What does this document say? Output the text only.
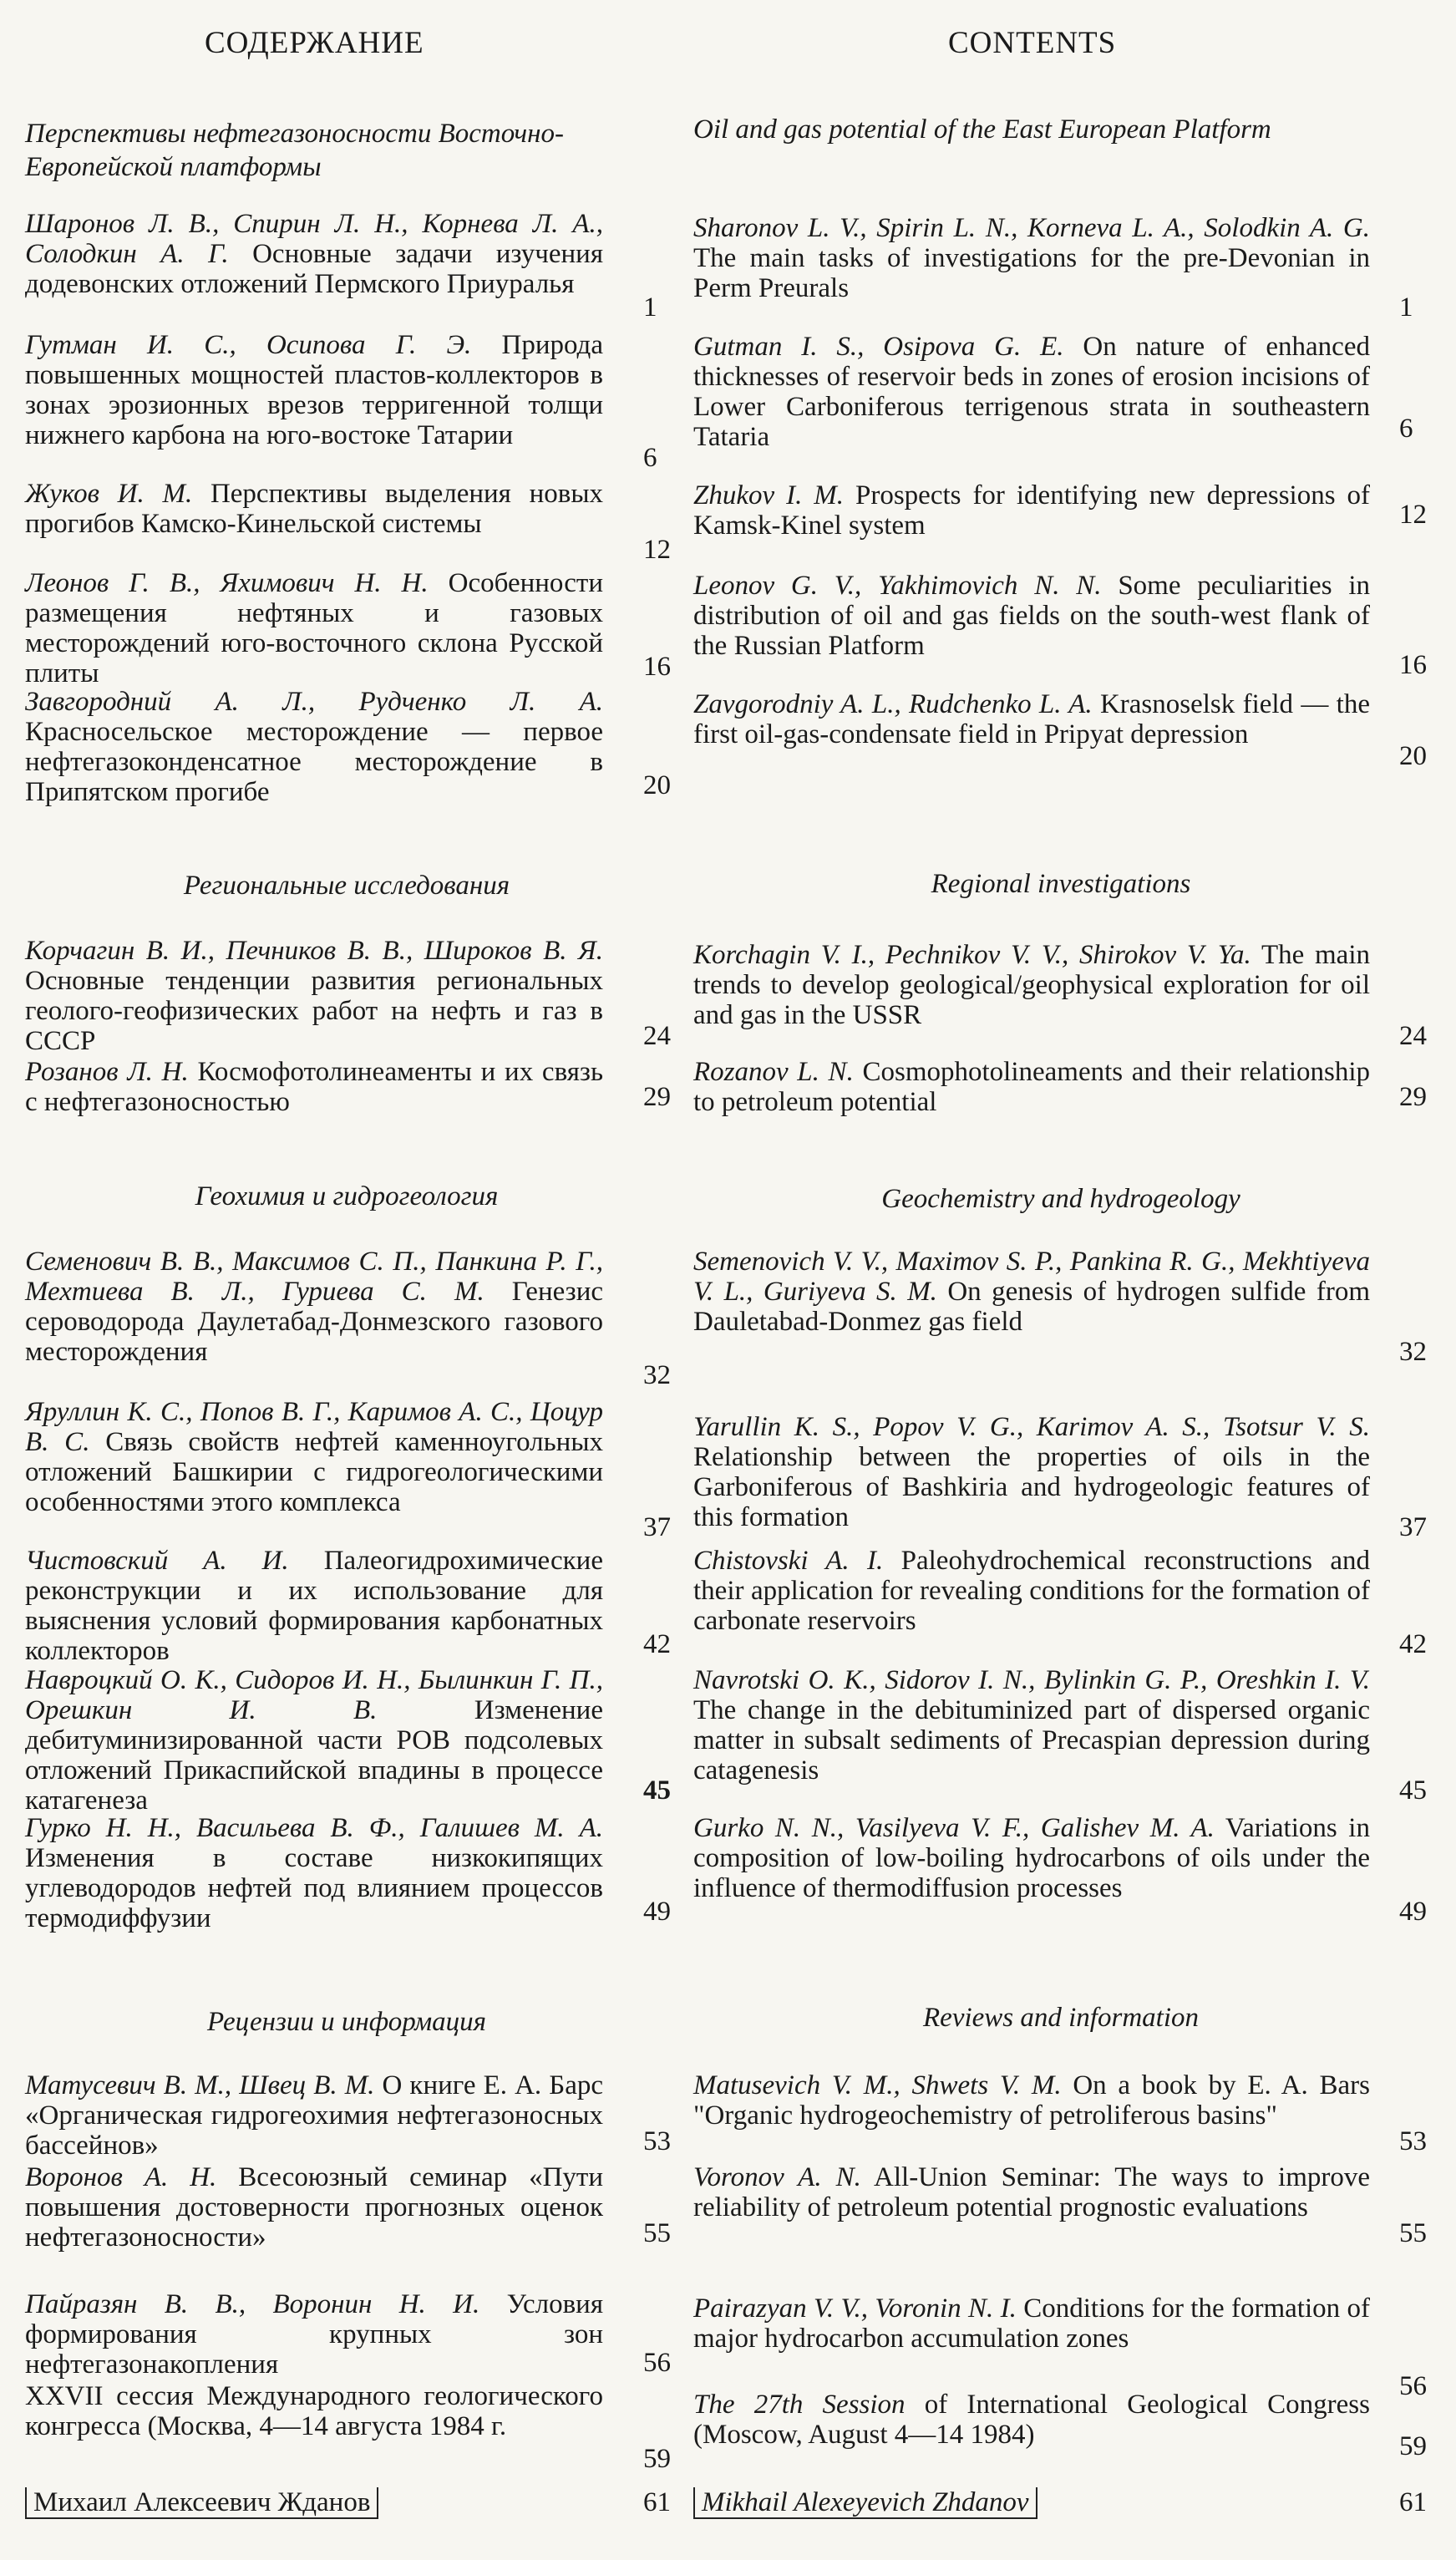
СОДЕРЖАНИЕ
Перспективы нефтегазоносности Восточно-Европейской платформы
Региональные исследования
Геохимия и гидрогеология
Рецензии и информация
Шаронов Л. В., Спирин Л. Н., Корнева Л. А., Солодкин А. Г. Основные задачи изучения додевонских отложений Пермского Приуралья
1
Гутман И. С., Осипова Г. Э. Природа повышенных мощностей пластов-коллекторов в зонах эрозионных врезов терригенной толщи нижнего карбона на юго-востоке Татарии
6
Жуков И. М. Перспективы выделения новых прогибов Камско-Кинельской системы
12
Леонов Г. В., Яхимович Н. Н. Особенности размещения нефтяных и газовых месторождений юго-восточного склона Русской плиты	16
Завгородний А. Л., Рудченко Л. А. Красносельское месторождение — первое нефтегазоконденсатное месторождение в Припятском прогибе	20
Корчагин В. И., Печников В. В., Широков В. Я. Основные тенденции развития региональных геолого-геофизических работ на нефть и газ в СССР	24
Розанов Л. Н. Космофотолинеаменты и их связь с нефтегазоносностью	29
Семенович В. В., Максимов С. П., Панкина Р. Г., Мехтиева В. Л., Гуриева С. М. Генезис сероводорода Даулетабад-Донмезского газового месторождения
32
Яруллин К. С., Попов В. Г., Каримов А. С., Цоцур В. С. Связь свойств нефтей каменноугольных отложений Башкирии с гидрогеологическими особенностями этого комплекса
37
Чистовский А. И. Палеогидрохимические реконструкции и их использование для выяснения условий формирования карбонатных коллекторов	42
Навроцкий О. К., Сидоров И. Н., Былинкин Г. П., Орешкин И. В. Изменение дебитуминизированной части РОВ подсолевых отложений Прикаспийской впадины в процессе катагенеза	45
Гурко Н. Н., Васильева В. Ф., Галишев М. А. Изменения в составе низкокипящих углеводородов нефтей под влиянием процессов термодиффузии	49
Матусевич В. М., Швец В. М. О книге Е. А. Барс «Органическая гидрогеохимия нефтегазоносных бассейнов»	53
Воронов А. Н. Всесоюзный семинар «Пути повышения достоверности прогнозных оценок нефтегазоносности»	55
Пайразян В. В., Воронин Н. И. Условия формирования крупных зон нефтегазонакопления	56
XXVII сессия Международного геологического конгресса (Москва, 4—14 августа 1984 г.
59
Михаил Алексеевич Жданов	61
CONTENTS
Oil and gas potential of the East European Platform
Regional investigations
Geochemistry and hydrogeology
Reviews and information
Sharonov L. V., Spirin L. N., Korneva L. A., Solodkin A. G. The main tasks of investigations for the pre-Devonian in Perm Preurals
1
Gutman I. S., Osipova G. E. On nature of enhanced thicknesses of reservoir beds in zones of erosion incisions of Lower Carboniferous terrigenous strata in southeastern Tataria	6
Zhukov I. M. Prospects for identifying new depressions of Kamsk-Kinel system	12
Leonov G. V., Yakhimovich N. N. Some peculiarities in distribution of oil and gas fields on the south-west flank of the Russian Platform
16
Zavgorodniy A. L., Rudchenko L. A. Krasnoselsk field — the first oil-gas-condensate field in Pripyat depression
20
Korchagin V. I., Pechnikov V. V., Shirokov V. Ya. The main trends to develop geological/geophysical exploration for oil and gas in the USSR
24
Rozanov L. N. Cosmophotolineaments and their relationship to petroleum potential	29
Semenovich V. V., Maximov S. P., Pankina R. G., Mekhtiyeva V. L., Guriyeva S. M. On genesis of hydrogen sulfide from Dauletabad-Donmez gas field
32
Yarullin K. S., Popov V. G., Karimov A. S., Tsotsur V. S. Relationship between the properties of oils in the Garboniferous of Bashkiria and hydrogeologic features of this formation	37
Chistovski A. I. Paleohydrochemical reconstructions and their application for revealing conditions for the formation of carbonate reservoirs
42
Navrotski O. K., Sidorov I. N., Bylinkin G. P., Oreshkin I. V. The change in the debituminized part of dispersed organic matter in subsalt sediments of Precaspian depression during catagenesis
45
Gurko N. N., Vasilyeva V. F., Galishev M. A. Variations in composition of low-boiling hydrocarbons of oils under the influence of thermodiffusion processes
49
Matusevich V. M., Shwets V. M. On a book by E. A. Bars "Organic hydrogeochemistry of petroliferous basins"
53
Voronov A. N. All-Union Seminar: The ways to improve reliability of petroleum potential prognostic evaluations
55
Pairazyan V. V., Voronin N. I. Conditions for the formation of major hydrocarbon accumulation zones
56
The 27th Session of International Geological Congress (Moscow, August 4—14 1984)	59
Mikhail Alexeyevich Zhdanov	61
